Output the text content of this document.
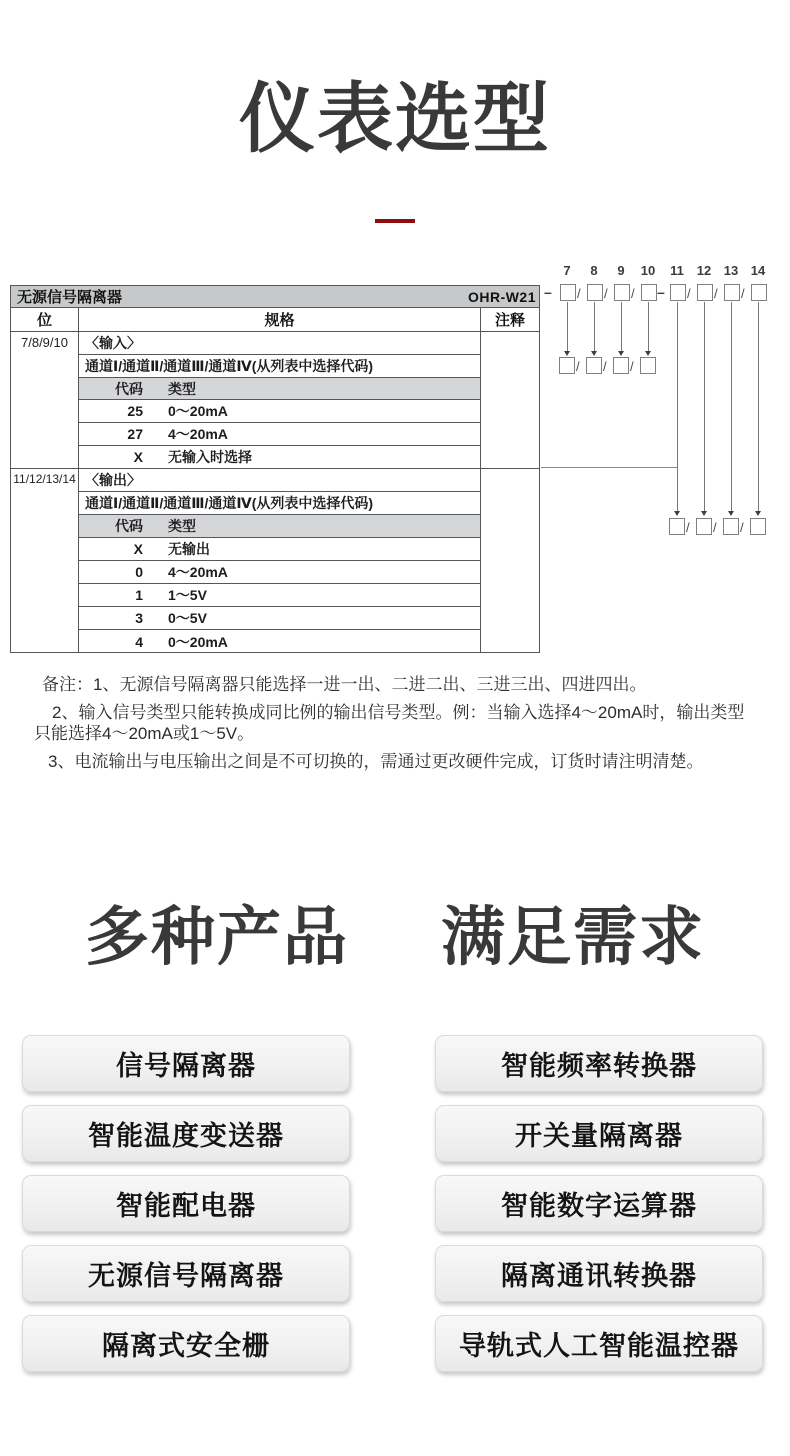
仪表选型
无源信号隔离器	OHR-W21
位	规格	注释
7/8/9/10	〈输入〉
通道Ⅰ/通道Ⅱ/通道Ⅲ/通道Ⅳ(从列表中选择代码)
代码 类型
25 0～20mA
27 4～20mA
X 无输入时选择
11/12/13/14 〈输出〉
通道Ⅰ/通道Ⅱ/通道Ⅲ/通道Ⅳ(从列表中选择代码)
代码 类型
X 无输出
0 4～20mA
1 1～5V
3 0～5V
4 0～20mA
7 8 9 10 11 12 13 14
– / / / – / / /
/ / /
/ / /

备注：1、无源信号隔离器只能选择一进一出、二进二出、三进三出、四进四出。

2、输入信号类型只能转换成同比例的输出信号类型。例：当输入选择4～20mA时，输出类型只能选择4～20mA或1～5V。

3、电流输出与电压输出之间是不可切换的，需通过更改硬件完成，订货时请注明清楚。

多种产品 满足需求
信号隔离器	智能频率转换器
智能温度变送器	开关量隔离器
智能配电器	智能数字运算器
无源信号隔离器	隔离通讯转换器
隔离式安全栅	导轨式人工智能温控器
